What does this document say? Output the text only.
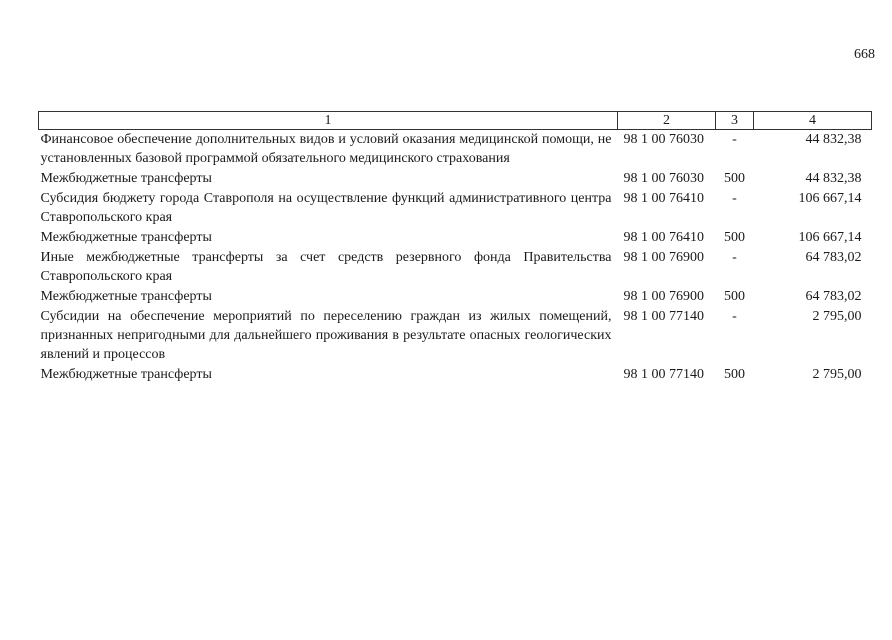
668
1	2	3	4
Финансовое обеспечение дополнительных видов и условий оказания медицинской помощи, не установленных базовой программой обязательного медицинского страхования	98 1 00 76030	-	44 832,38
Межбюджетные трансферты	98 1 00 76030	500	44 832,38
Субсидия бюджету города Ставрополя на осуществление функций административного центра Ставропольского края	98 1 00 76410	-	106 667,14
Межбюджетные трансферты	98 1 00 76410	500	106 667,14
Иные межбюджетные трансферты за счет средств резервного фонда Правительства Ставропольского края	98 1 00 76900	-	64 783,02
Межбюджетные трансферты	98 1 00 76900	500	64 783,02
Субсидии на обеспечение мероприятий по переселению граждан из жилых помещений, признанных непригодными для дальнейшего проживания в результате опасных геологических явлений и процессов	98 1 00 77140	-	2 795,00
Межбюджетные трансферты	98 1 00 77140	500	2 795,00
